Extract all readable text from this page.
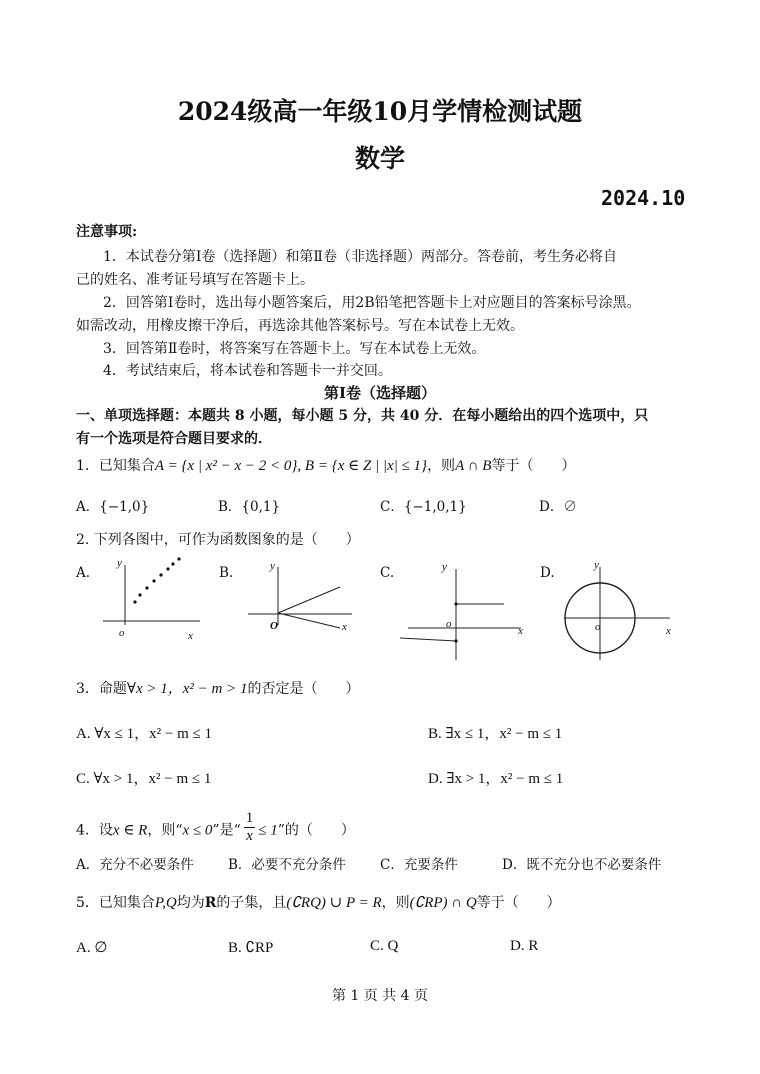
2024级高一年级10月学情检测试题
数学
2024.10
注意事项:
1．本试卷分第Ⅰ卷（选择题）和第Ⅱ卷（非选择题）两部分。答卷前，考生务必将自
己的姓名、准考证号填写在答题卡上。
2．回答第Ⅰ卷时，选出每小题答案后，用2B铅笔把答题卡上对应题目的答案标号涂黑。
如需改动，用橡皮擦干净后，再选涂其他答案标号。写在本试卷上无效。
3．回答第Ⅱ卷时，将答案写在答题卡上。写在本试卷上无效。
4．考试结束后，将本试卷和答题卡一并交回。
第Ⅰ卷（选择题）
一、单项选择题：本题共 8 小题，每小题 5 分，共 40 分．在每小题给出的四个选项中，只
有一个选项是符合题目要求的．
1．已知集合A = {x | x² − x − 2 < 0}, B = {x ∈ Z | |x| ≤ 1}，则A ∩ B等于（　　）
A．{−1,0}	B．{0,1}	C．{−1,0,1}	D．∅
2. 下列各图中，可作为函数图象的是（　　）
A.	B.	C.	D.
y
x
o
y
x
O
y
x
o
y
x
o
3．命题∀x > 1，x² − m > 1的否定是（　　）
A. ∀x ≤ 1，x² − m ≤ 1	B. ∃x ≤ 1，x² − m ≤ 1
C. ∀x > 1，x² − m ≤ 1	D. ∃x > 1，x² − m ≤ 1
4．设x ∈ R，则“x ≤ 0”是“ $\frac{1}{x} \le 1$”的（　　）
A．充分不必要条件	B．必要不充分条件	C．充要条件	D．既不充分也不必要条件
5．已知集合P,Q均为R的子集，且(∁RQ) ∪ P = R，则(∁RP) ∩ Q等于（　　）
A. ∅	B. ∁RP	C. Q	D. R
第 1 页 共 4 页
